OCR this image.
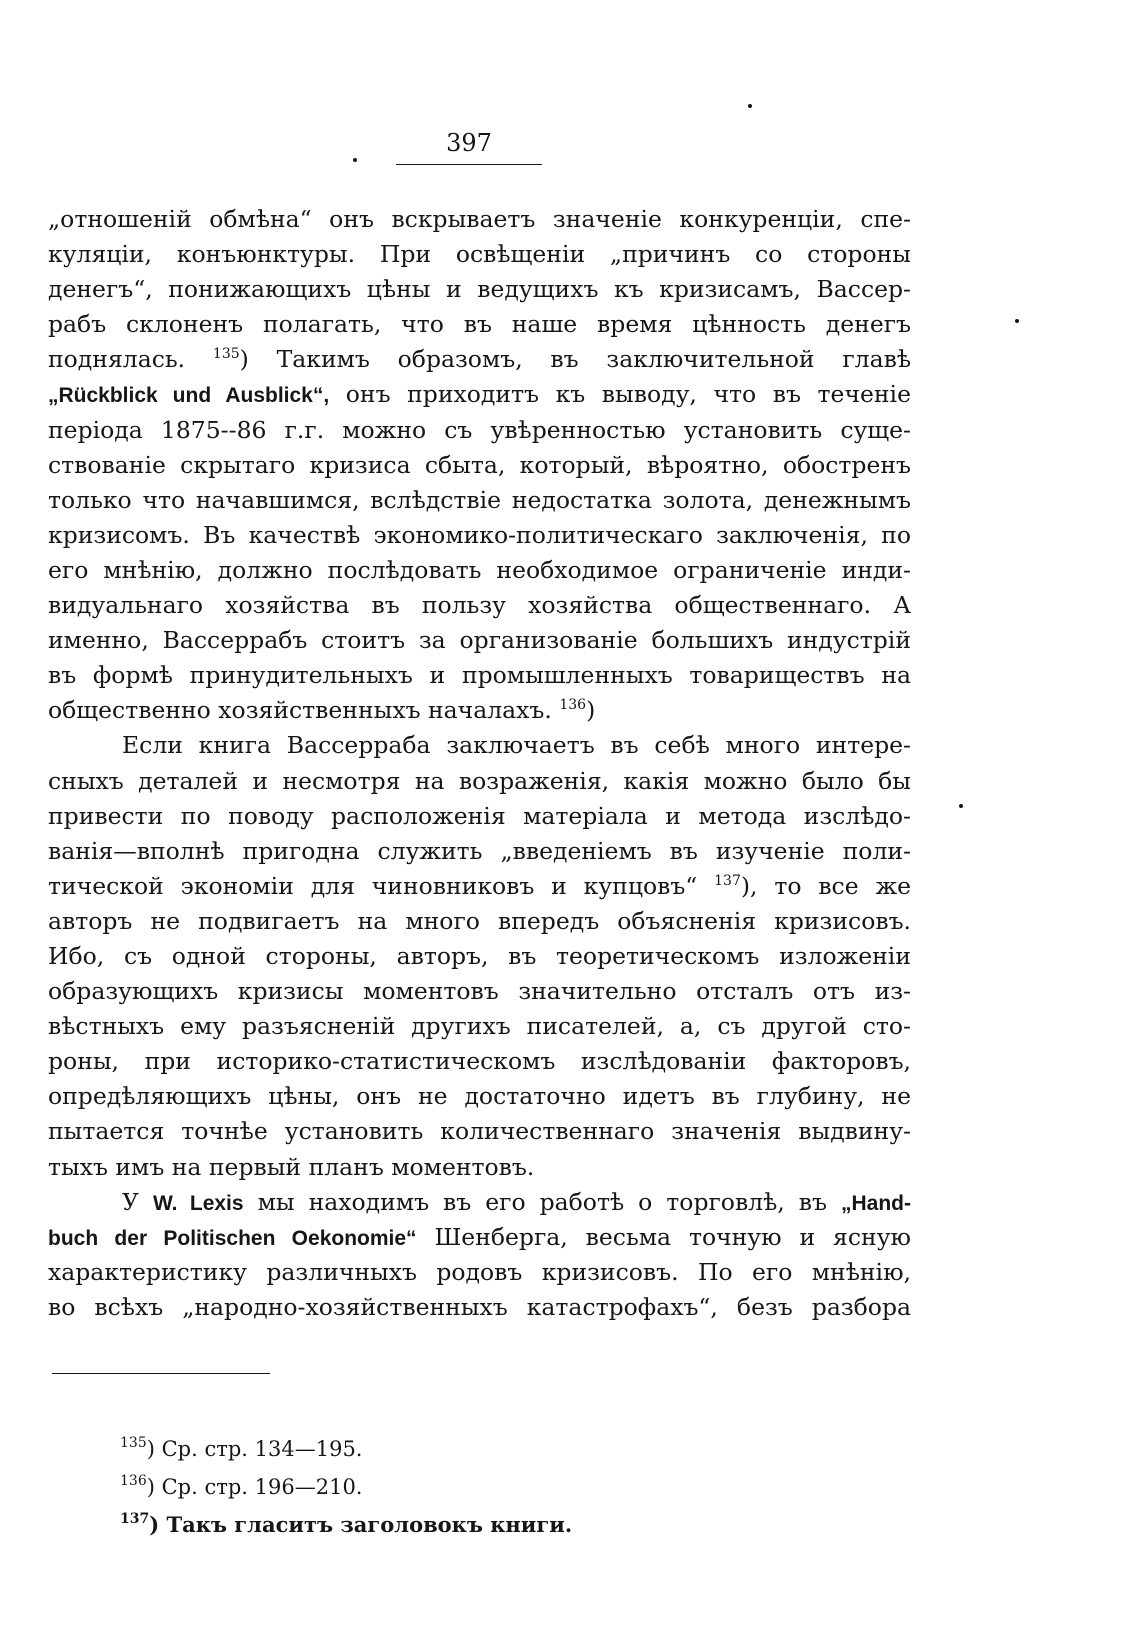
397
„отношеній обмѣна“ онъ вскрываетъ значеніе конкуренціи, спе-
куляціи, конъюнктуры. При освѣщеніи „причинъ со стороны
денегъ“, понижающихъ цѣны и ведущихъ къ кризисамъ, Вассер-
рабъ склоненъ полагать, что въ наше время цѣнность денегъ
поднялась. $^{135}$) Такимъ образомъ, въ заключительной главѣ
„Rückblick und Ausblick“, онъ приходитъ къ выводу, что въ теченіе
періода 1875--86 г.г. можно съ увѣренностью установить суще-
ствованіе скрытаго кризиса сбыта, который, вѣроятно, обостренъ
только что начавшимся, вслѣдствіе недостатка золота, денежнымъ
кризисомъ. Въ качествѣ экономико-политическаго заключенія, по
его мнѣнію, должно послѣдовать необходимое ограниченіе инди-
видуальнаго хозяйства въ пользу хозяйства общественнаго. А
именно, Вассеррабъ стоитъ за организованіе большихъ индустрій
въ формѣ принудительныхъ и промышленныхъ товариществъ на
общественно хозяйственныхъ началахъ. $^{136}$)
Если книга Вассерраба заключаетъ въ себѣ много интере-
сныхъ деталей и несмотря на возраженія, какія можно было бы
привести по поводу расположенія матеріала и метода изслѣдо-
ванія—вполнѣ пригодна служить „введеніемъ въ изученіе поли-
тической экономіи для чиновниковъ и купцовъ“ $^{137}$), то все же
авторъ не подвигаетъ на много впередъ объясненія кризисовъ.
Ибо, съ одной стороны, авторъ, въ теоретическомъ изложеніи
образующихъ кризисы моментовъ значительно отсталъ отъ из-
вѣстныхъ ему разъясненій другихъ писателей, а, съ другой сто-
роны, при историко-статистическомъ изслѣдованіи факторовъ,
опредѣляющихъ цѣны, онъ не достаточно идетъ въ глубину, не
пытается точнѣе установить количественнаго значенія выдвину-
тыхъ имъ на первый планъ моментовъ.
У W. Lexis мы находимъ въ его работѣ о торговлѣ, въ „Hand-
buch der Politischen Oekonomie“ Шенберга, весьма точную и ясную
характеристику различныхъ родовъ кризисовъ. По его мнѣнію,
во всѣхъ „народно-хозяйственныхъ катастрофахъ“, безъ разбора
$^{135}$) Ср. стр. 134—195.
$^{136}$) Ср. стр. 196—210.
$^{137}$) Такъ гласитъ заголовокъ книги.
